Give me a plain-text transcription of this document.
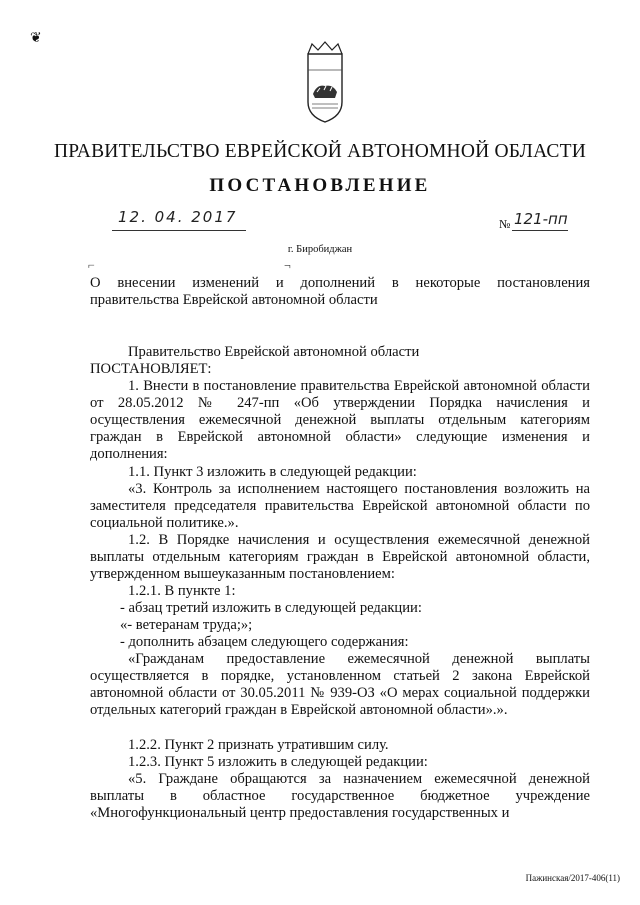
❦
ПРАВИТЕЛЬСТВО ЕВРЕЙСКОЙ АВТОНОМНОЙ ОБЛАСТИ
ПОСТАНОВЛЕНИЕ
12. 04. 2017	№ 121-пп
г. Биробиджан
⌐	¬
О внесении изменений и дополнений в некоторые постановления
правительства Еврейской автономной области
Правительство Еврейской автономной области
ПОСТАНОВЛЯЕТ:
1. Внести в постановление правительства Еврейской автономной области от 28.05.2012 № 247-пп «Об утверждении Порядка начисления и осуществления ежемесячной денежной выплаты отдельным категориям граждан в Еврейской автономной области» следующие изменения и дополнения:
1.1. Пункт 3 изложить в следующей редакции:
«3. Контроль за исполнением настоящего постановления возложить на заместителя председателя правительства Еврейской автономной области по социальной политике.».
1.2. В Порядке начисления и осуществления ежемесячной денежной выплаты отдельным категориям граждан в Еврейской автономной области, утвержденном вышеуказанным постановлением:
1.2.1. В пункте 1:
- абзац третий изложить в следующей редакции:
«- ветеранам труда;»;
- дополнить абзацем следующего содержания:
«Гражданам предоставление ежемесячной денежной выплаты осуществляется в порядке, установленном статьей 2 закона Еврейской автономной области от 30.05.2011 № 939-ОЗ «О мерах социальной поддержки отдельных категорий граждан в Еврейской автономной области».».
1.2.2. Пункт 2 признать утратившим силу.
1.2.3. Пункт 5 изложить в следующей редакции:
«5. Граждане обращаются за назначением ежемесячной денежной выплаты в областное государственное бюджетное учреждение «Многофункциональный центр предоставления государственных и
Пажинская/2017-406(11)
